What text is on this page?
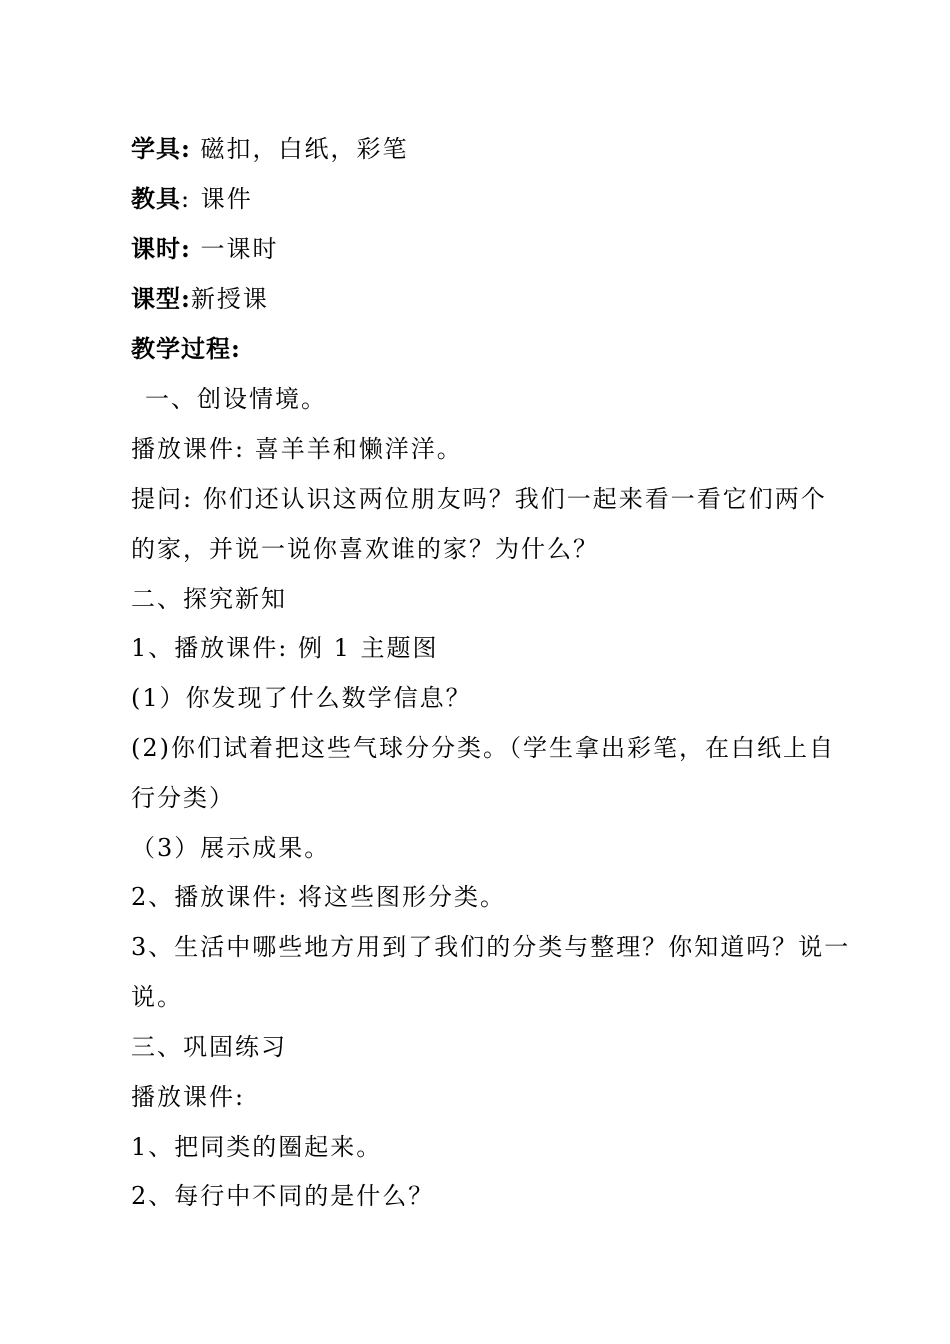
学具: 磁扣，白纸，彩笔
教具: 课件
课时: 一课时
课型:新授课
教学过程:
一、创设情境。
播放课件: 喜羊羊和懒洋洋。
提问: 你们还认识这两位朋友吗？我们一起来看一看它们两个
的家，并说一说你喜欢谁的家？为什么？
二、探究新知
1、播放课件: 例 1 主题图
(1）你发现了什么数学信息？
(2)你们试着把这些气球分分类。（学生拿出彩笔，在白纸上自
行分类）
（3）展示成果。
2、播放课件: 将这些图形分类。
3、生活中哪些地方用到了我们的分类与整理？你知道吗？说一
说。
三、巩固练习
播放课件:
1、把同类的圈起来。
2、每行中不同的是什么？
